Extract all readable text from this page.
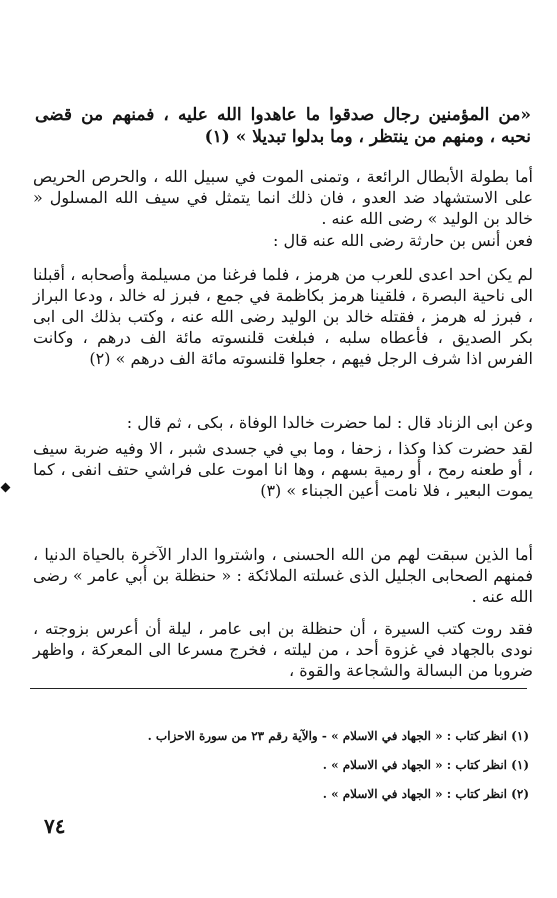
«من المؤمنين رجال صدقوا ما عاهدوا الله عليه ، فمنهم من قضى نحبه ، ومنهم من ينتظر ، وما بدلوا تبديلا » (١)

أما بطولة الأبطال الرائعة ، وتمنى الموت في سبيل الله ، والحرص الحريص على الاستشهاد ضد العدو ، فان ذلك انما يتمثل في سيف الله المسلول « خالد بن الوليد » رضى الله عنه .

فعن أنس بن حارثة رضى الله عنه قال :

لم يكن احد اعدى للعرب من هرمز ، فلما فرغنا من مسيلمة وأصحابه ، أقبلنا الى ناحية البصرة ، فلقينا هرمز بكاظمة في جمع ، فبرز له خالد ، ودعا البراز ، فبرز له هرمز ، فقتله خالد بن الوليد رضى الله عنه ، وكتب بذلك الى ابى بكر الصديق ، فأعطاه سلبه ، فبلغت قلنسوته مائة الف درهم ، وكانت الفرس اذا شرف الرجل فيهم ، جعلوا قلنسوته مائة الف درهم » (٢)

وعن ابى الزناد قال : لما حضرت خالدا الوفاة ، بكى ، ثم قال :

لقد حضرت كذا وكذا ، زحفا ، وما بي في جسدى شبر ، الا وفيه ضربة سيف ، أو طعنه رمح ، أو رمية بسهم ، وها انا اموت على فراشي حتف انفى ، كما يموت البعير ، فلا نامت أعين الجبناء » (٣)

أما الذين سبقت لهم من الله الحسنى ، واشتروا الدار الآخرة بالحياة الدنيا ، فمنهم الصحابى الجليل الذى غسلته الملائكة : « حنظلة بن أبي عامر » رضى الله عنه .

فقد روت كتب السيرة ، أن حنظلة بن ابى عامر ، ليلة أن أعرس بزوجته ، نودى بالجهاد في غزوة أحد ، من ليلته ، فخرج مسرعا الى المعركة ، واظهر ضروبا من البسالة والشجاعة والقوة ،

(١) انظر كتاب : « الجهاد في الاسلام » - والآية رقم ٢٣ من سورة الاحزاب .
(١) انظر كتاب : « الجهاد في الاسلام » .
(٢) انظر كتاب : « الجهاد في الاسلام » .
٧٤
